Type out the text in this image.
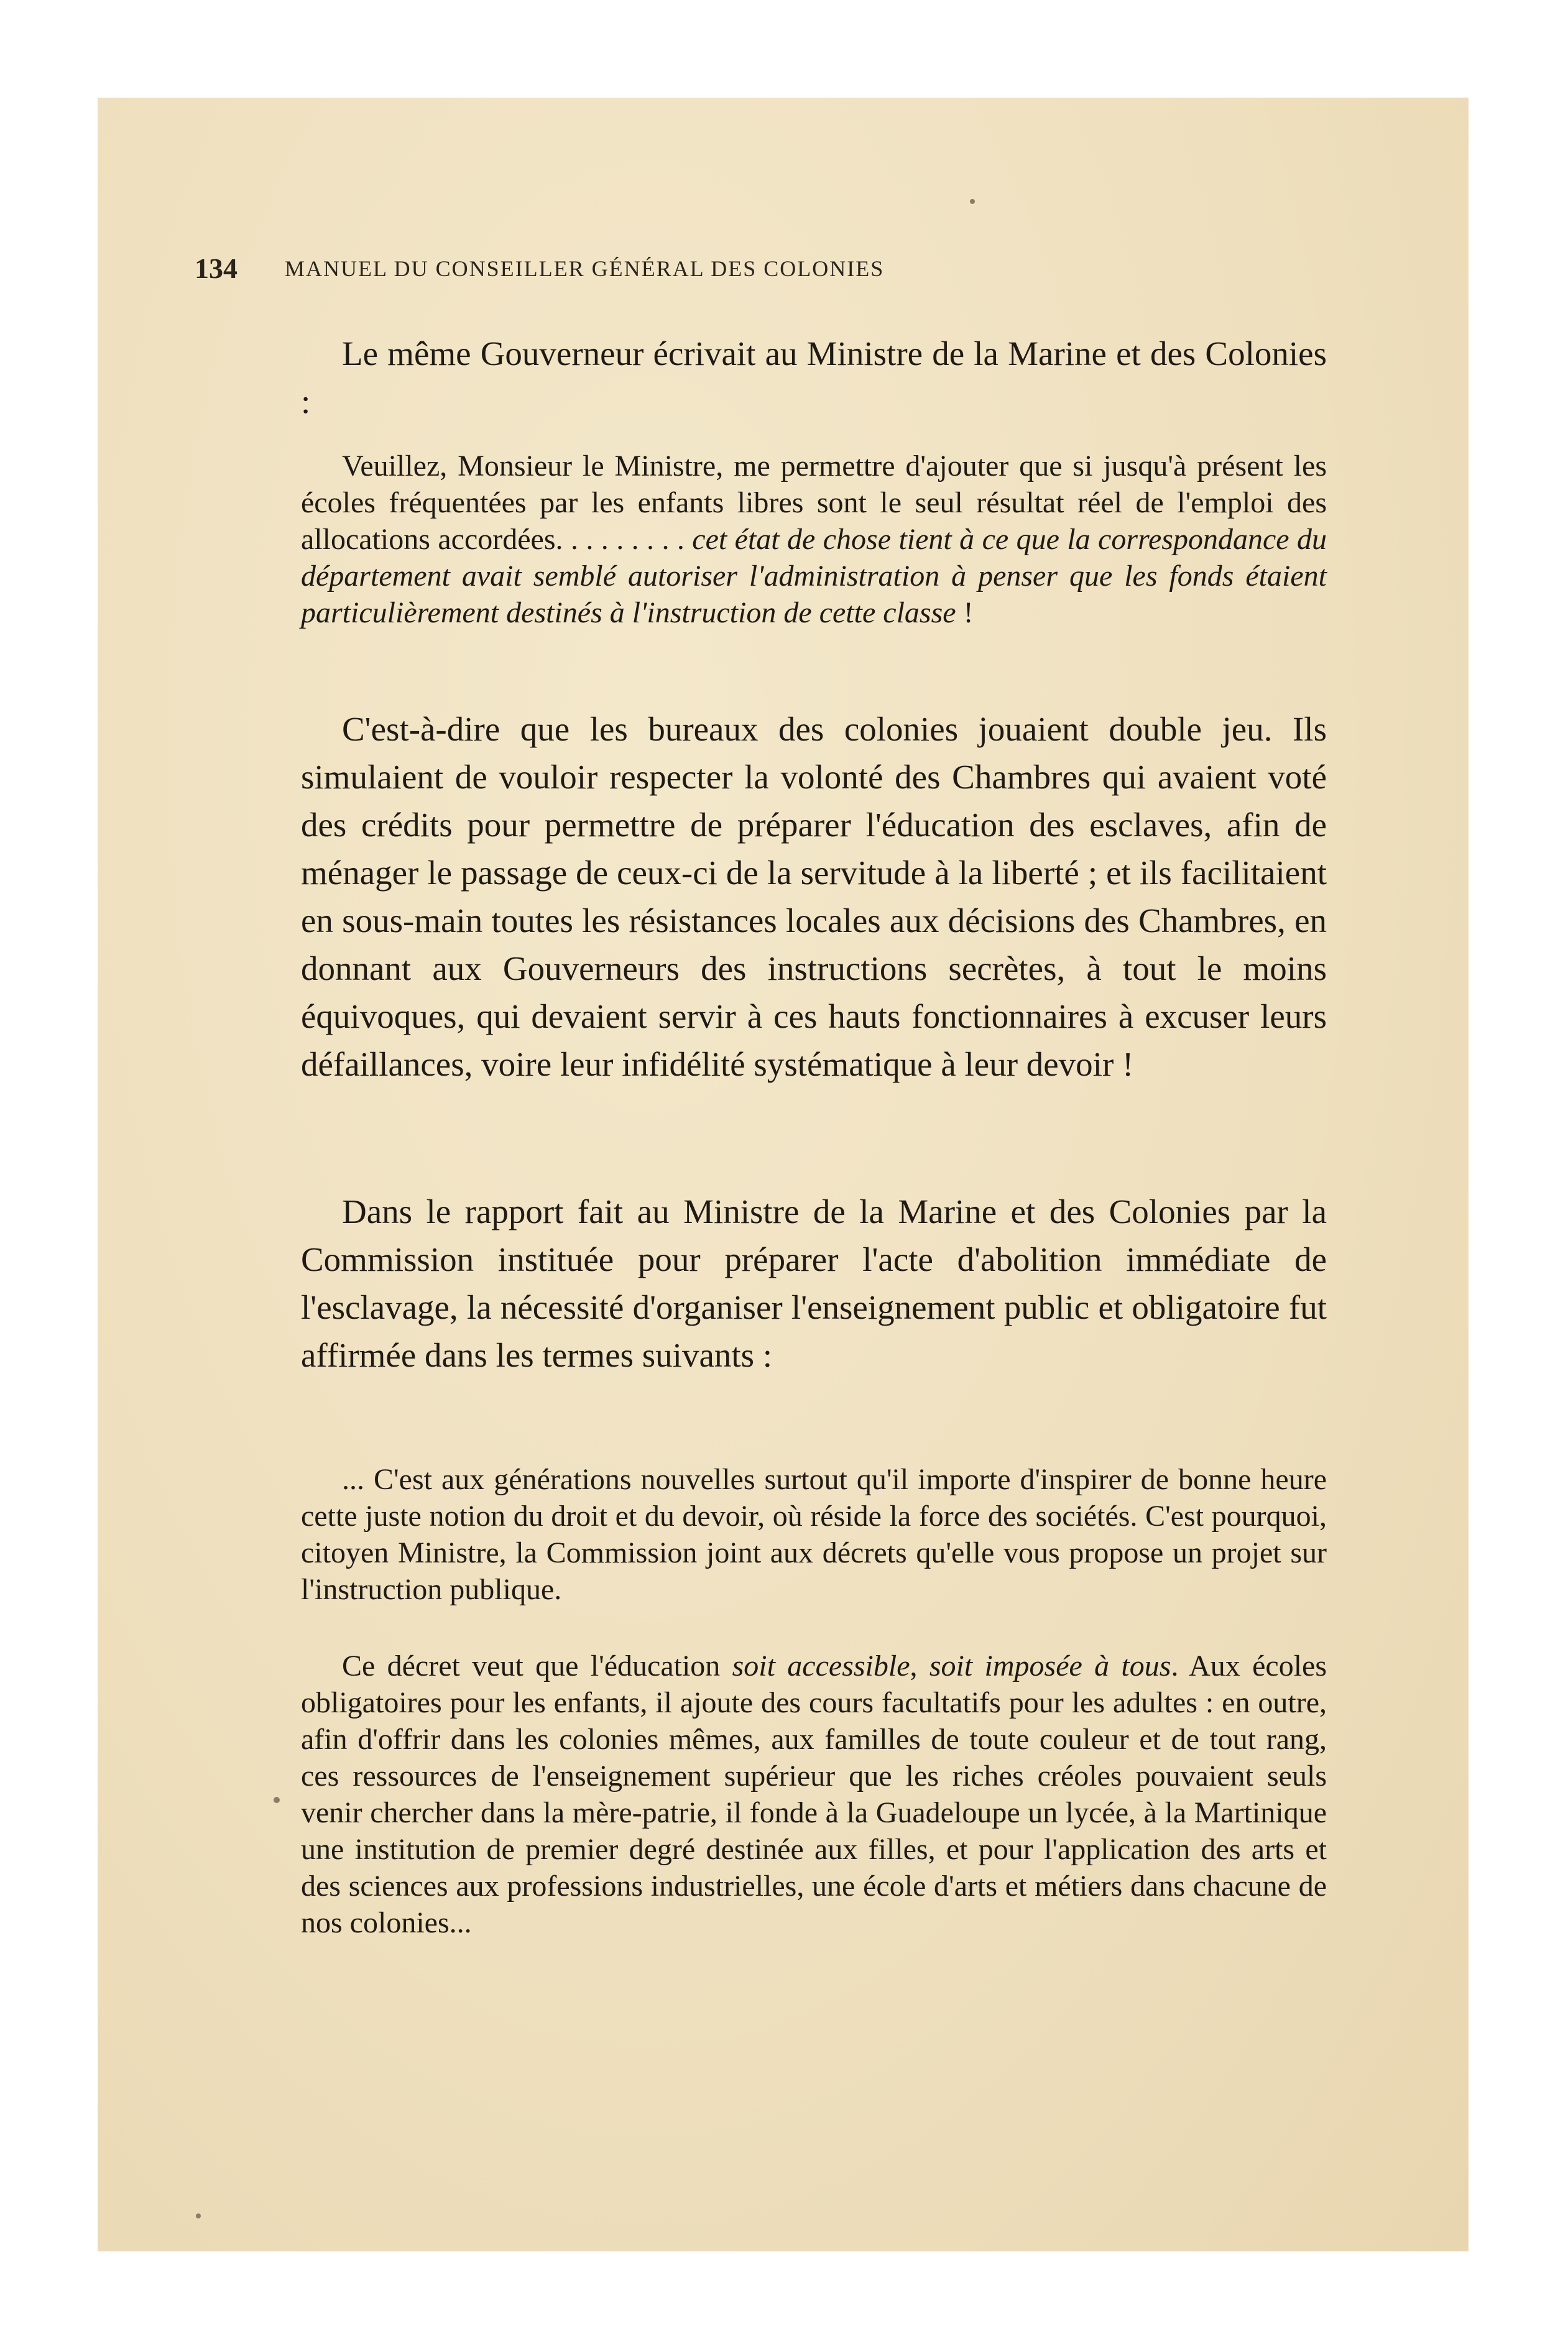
134 MANUEL DU CONSEILLER GÉNÉRAL DES COLONIES
Le même Gouverneur écrivait au Ministre de la Marine et des Colonies :
Veuillez, Monsieur le Ministre, me permettre d'ajouter que si jusqu'à présent les écoles fréquentées par les enfants libres sont le seul résultat réel de l'emploi des allocations accordées. . . . . . . . . cet état de chose tient à ce que la correspondance du département avait semblé autoriser l'administration à penser que les fonds étaient particulièrement destinés à l'instruction de cette classe !
C'est-à-dire que les bureaux des colonies jouaient double jeu. Ils simulaient de vouloir respecter la volonté des Chambres qui avaient voté des crédits pour permettre de préparer l'éducation des esclaves, afin de ménager le passage de ceux-ci de la servitude à la liberté ; et ils facilitaient en sous-main toutes les résistances locales aux décisions des Chambres, en donnant aux Gouverneurs des instructions secrètes, à tout le moins équivoques, qui devaient servir à ces hauts fonctionnaires à excuser leurs défaillances, voire leur infidélité systématique à leur devoir !
Dans le rapport fait au Ministre de la Marine et des Colonies par la Commission instituée pour préparer l'acte d'abolition immédiate de l'esclavage, la nécessité d'organiser l'enseignement public et obligatoire fut affirmée dans les termes suivants :
... C'est aux générations nouvelles surtout qu'il importe d'inspirer de bonne heure cette juste notion du droit et du devoir, où réside la force des sociétés. C'est pourquoi, citoyen Ministre, la Commission joint aux décrets qu'elle vous propose un projet sur l'instruction publique.
Ce décret veut que l'éducation soit accessible, soit imposée à tous. Aux écoles obligatoires pour les enfants, il ajoute des cours facultatifs pour les adultes : en outre, afin d'offrir dans les colonies mêmes, aux familles de toute couleur et de tout rang, ces ressources de l'enseignement supérieur que les riches créoles pouvaient seuls venir chercher dans la mère-patrie, il fonde à la Guadeloupe un lycée, à la Martinique une institution de premier degré destinée aux filles, et pour l'application des arts et des sciences aux professions industrielles, une école d'arts et métiers dans chacune de nos colonies...
